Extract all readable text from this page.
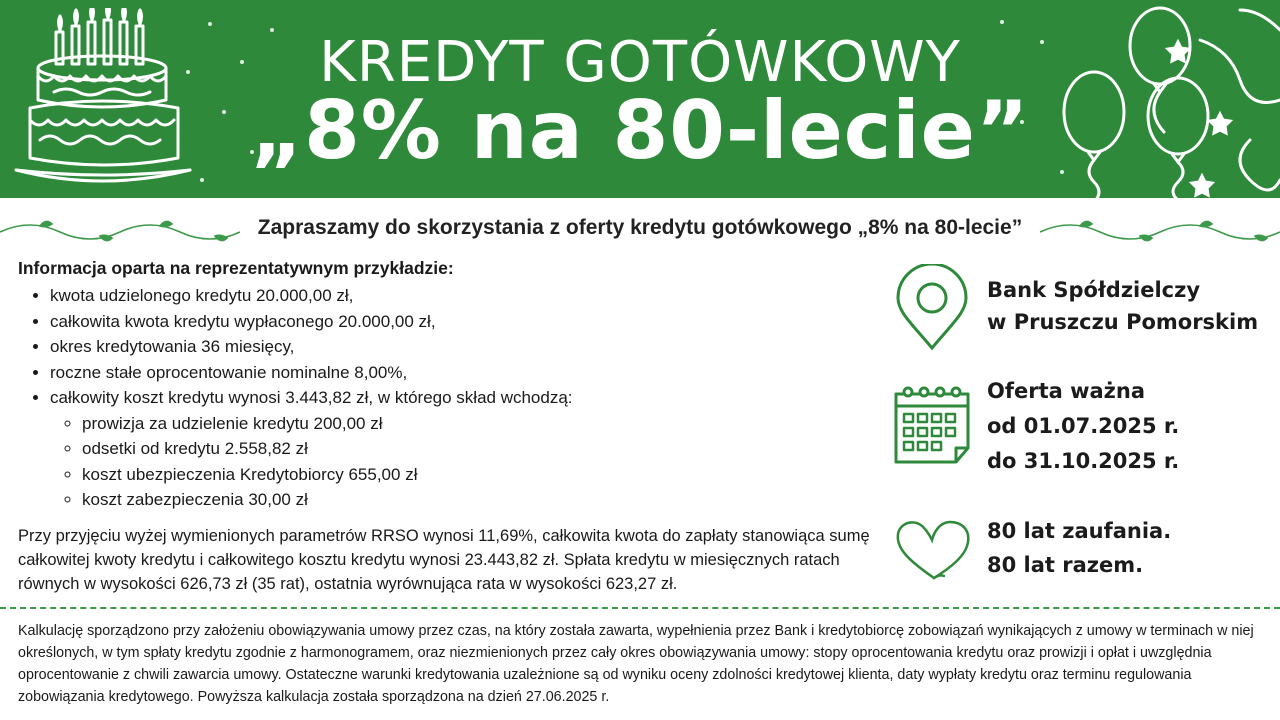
KREDYT GOTÓWKOWY
„8% na 80-lecie”
Zapraszamy do skorzystania z oferty kredytu gotówkowego „8% na 80-lecie”
Informacja oparta na reprezentatywnym przykładzie:
• kwota udzielonego kredytu 20.000,00 zł,
• całkowita kwota kredytu wypłaconego 20.000,00 zł,
• okres kredytowania 36 miesięcy,
• roczne stałe oprocentowanie nominalne 8,00%,
• całkowity koszt kredytu wynosi 3.443,82 zł, w którego skład wchodzą:
◦ prowizja za udzielenie kredytu 200,00 zł
◦ odsetki od kredytu 2.558,82 zł
◦ koszt ubezpieczenia Kredytobiorcy 655,00 zł
◦ koszt zabezpieczenia 30,00 zł
Przy przyjęciu wyżej wymienionych parametrów RRSO wynosi 11,69%, całkowita kwota do zapłaty stanowiąca sumę całkowitej kwoty kredytu i całkowitego kosztu kredytu wynosi 23.443,82 zł. Spłata kredytu w miesięcznych ratach równych w wysokości 626,73 zł (35 rat), ostatnia wyrównująca rata w wysokości 623,27 zł.
Bank Spółdzielczy
w Pruszczu Pomorskim
Oferta ważna
od 01.07.2025 r.
do 31.10.2025 r.
80 lat zaufania.
80 lat razem.
Kalkulację sporządzono przy założeniu obowiązywania umowy przez czas, na który została zawarta, wypełnienia przez Bank i kredytobiorcę zobowiązań wynikających z umowy w terminach w niej określonych, w tym spłaty kredytu zgodnie z harmonogramem, oraz niezmienionych przez cały okres obowiązywania umowy: stopy oprocentowania kredytu oraz prowizji i opłat i uwzględnia oprocentowanie z chwili zawarcia umowy. Ostateczne warunki kredytowania uzależnione są od wyniku oceny zdolności kredytowej klienta, daty wypłaty kredytu oraz terminu regulowania zobowiązania kredytowego. Powyższa kalkulacja została sporządzona na dzień 27.06.2025 r.
